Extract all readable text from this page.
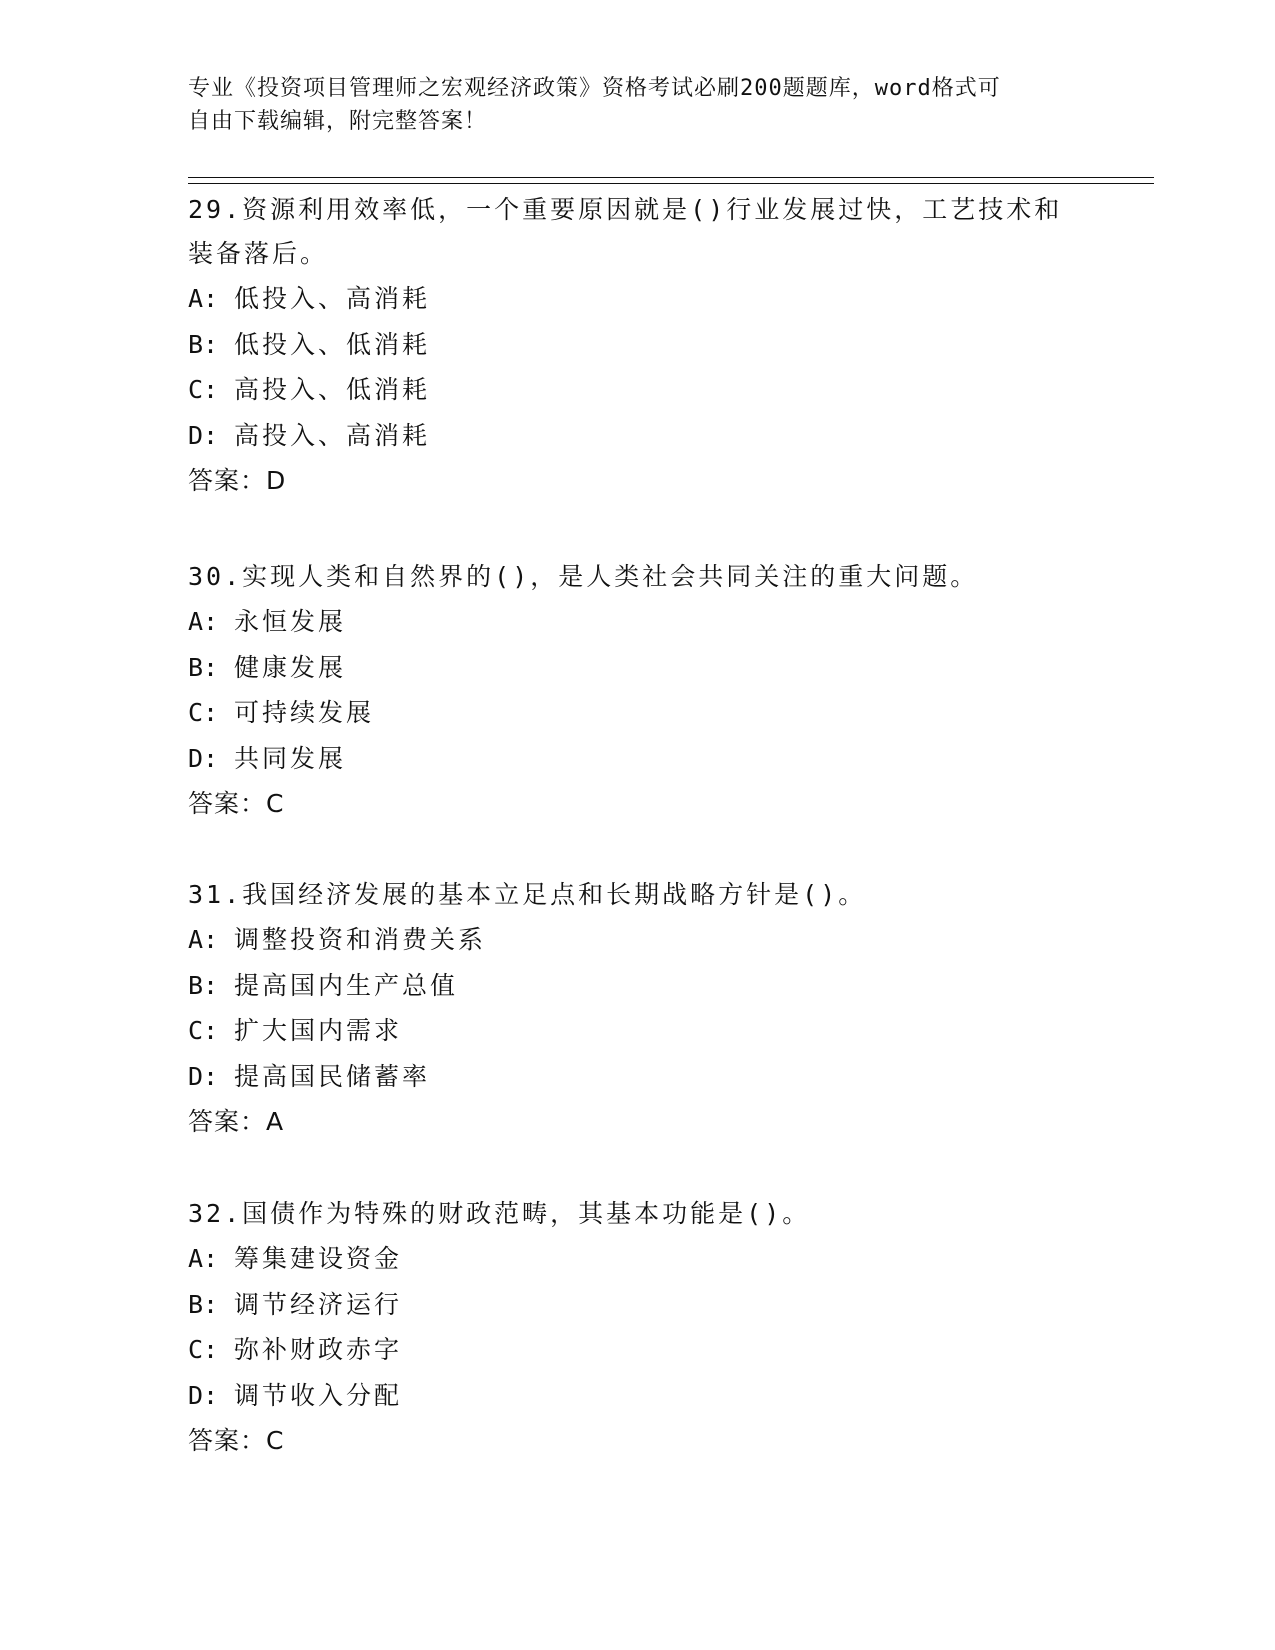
专业《投资项目管理师之宏观经济政策》资格考试必刷200题题库，word格式可
自由下载编辑，附完整答案！
29.资源利用效率低，一个重要原因就是()行业发展过快，工艺技术和
装备落后。
A: 低投入、高消耗
B: 低投入、低消耗
C: 高投入、低消耗
D: 高投入、高消耗
答案：D
30.实现人类和自然界的()，是人类社会共同关注的重大问题。
A: 永恒发展
B: 健康发展
C: 可持续发展
D: 共同发展
答案：C
31.我国经济发展的基本立足点和长期战略方针是()。
A: 调整投资和消费关系
B: 提高国内生产总值
C: 扩大国内需求
D: 提高国民储蓄率
答案：A
32.国债作为特殊的财政范畴，其基本功能是()。
A: 筹集建设资金
B: 调节经济运行
C: 弥补财政赤字
D: 调节收入分配
答案：C
